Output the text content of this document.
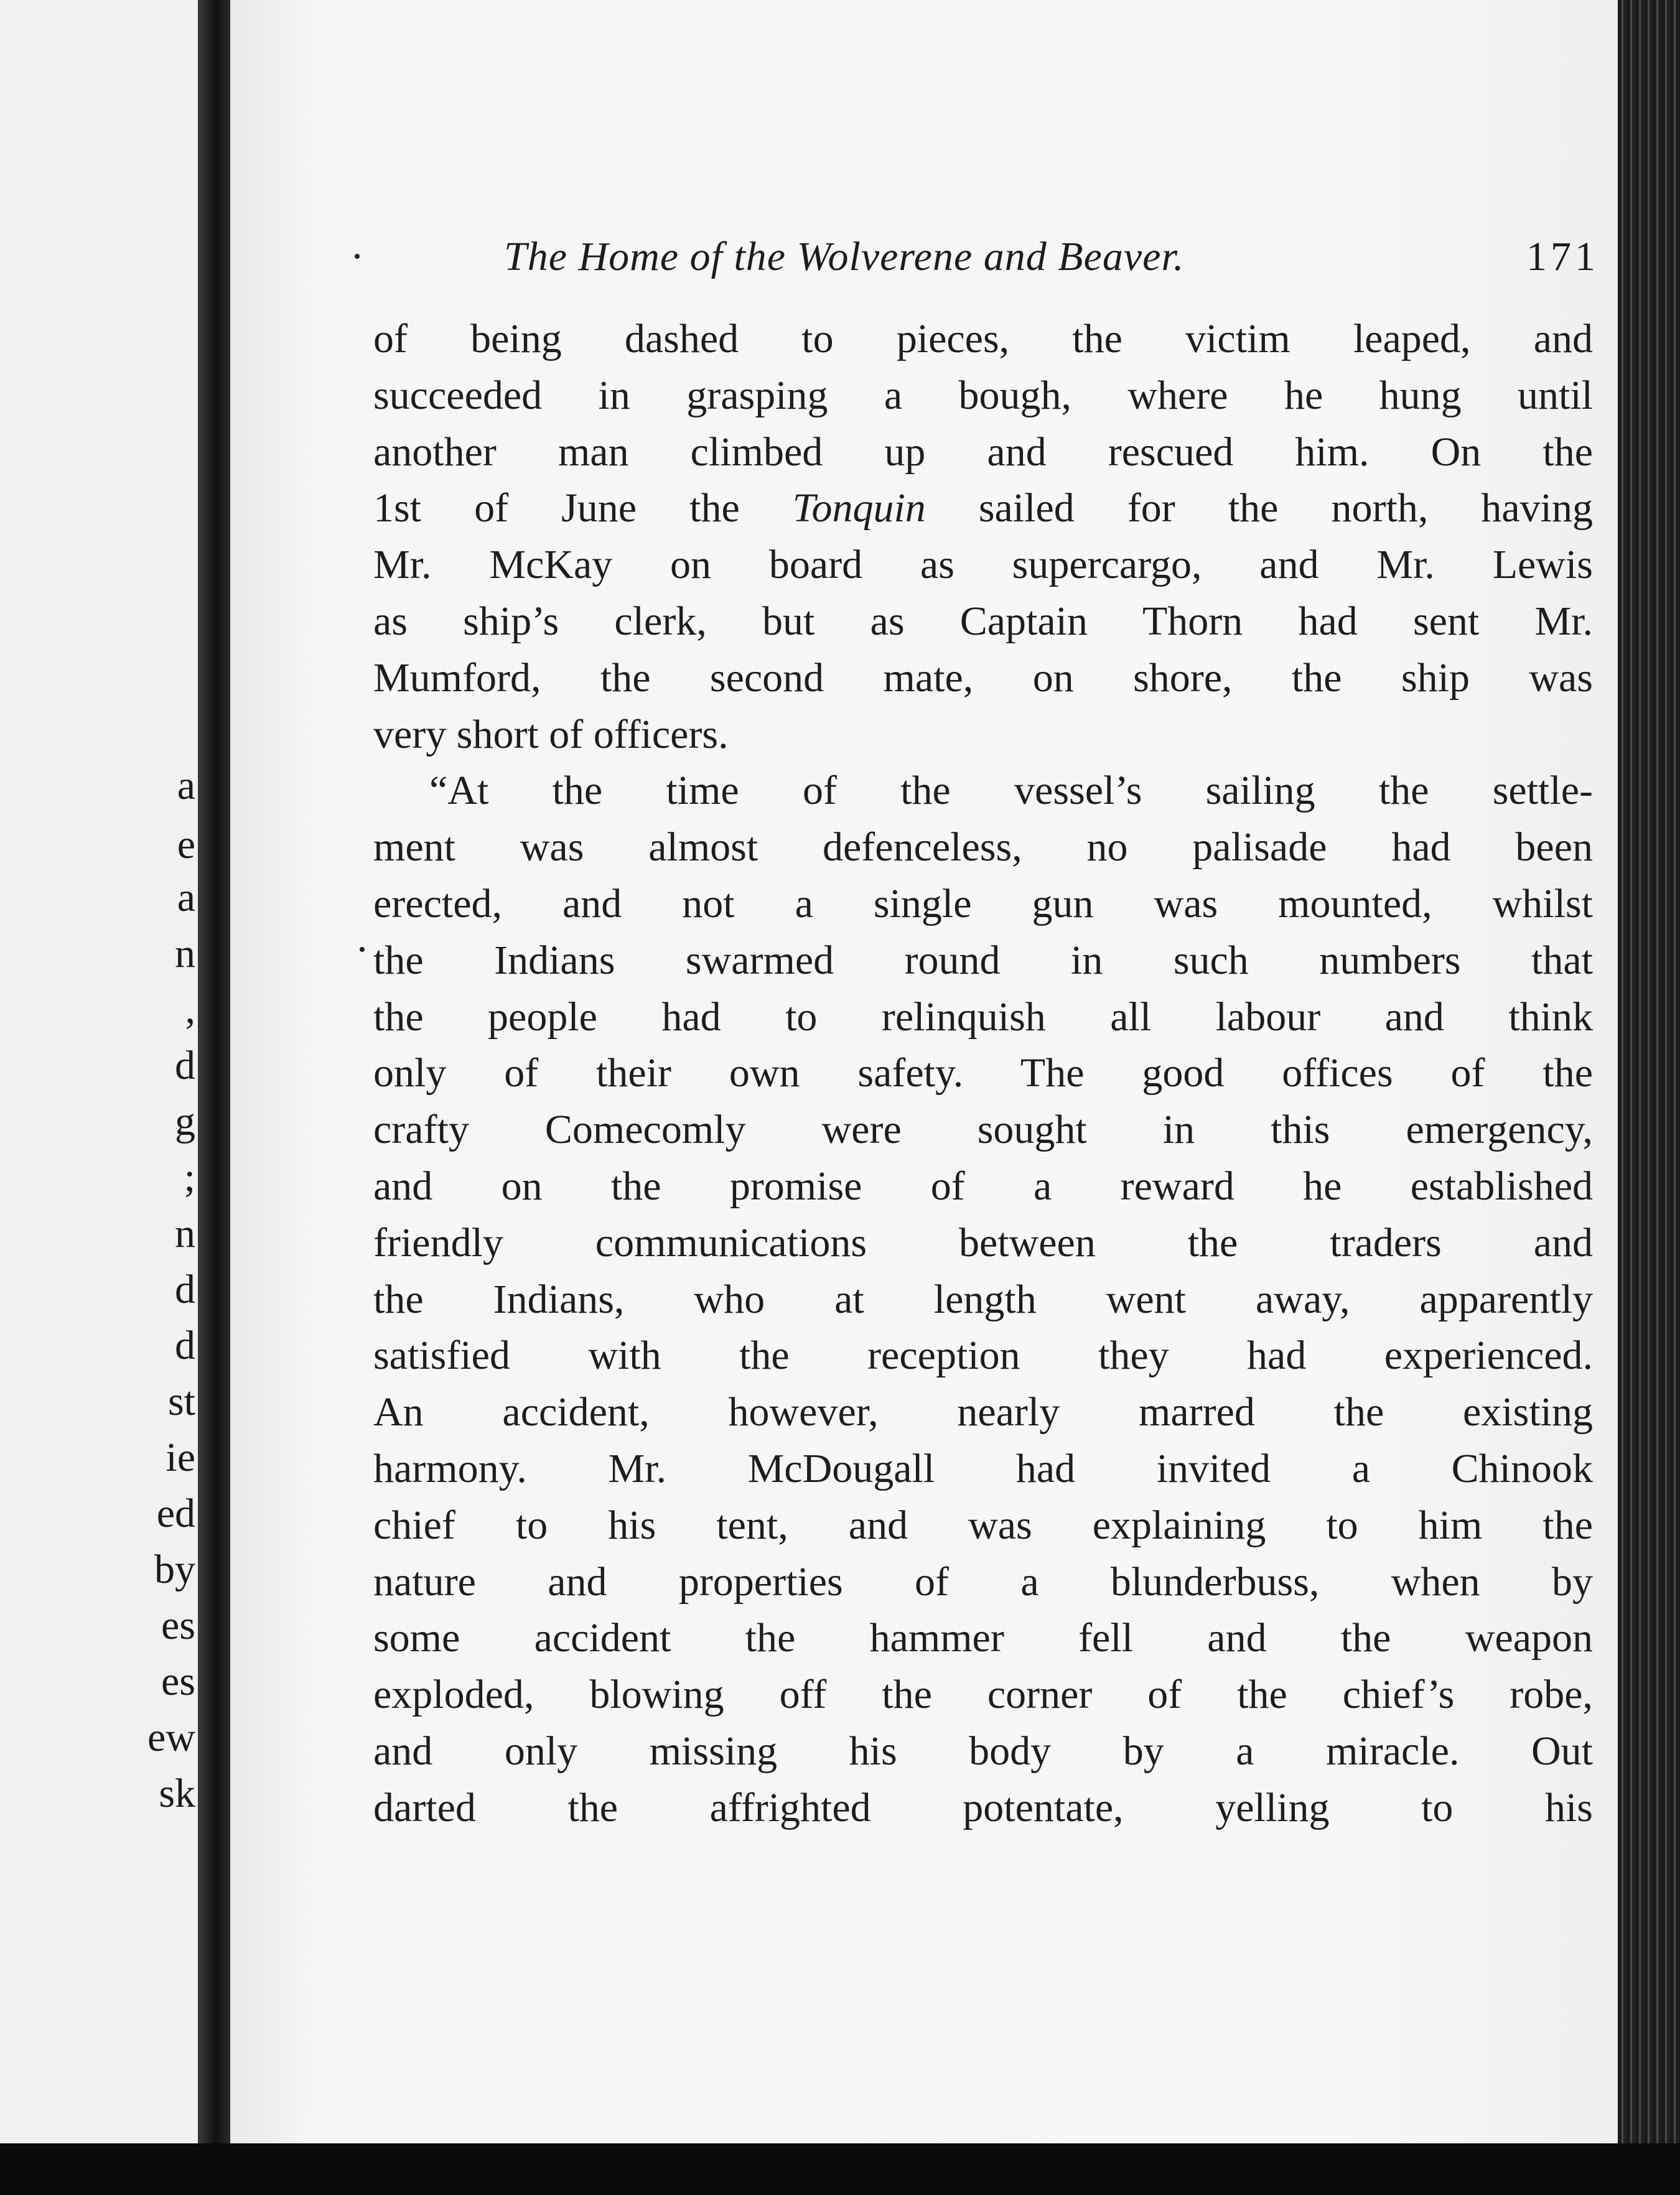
a
e
a
n
,
d
g
;
n
d
d
st
ie
ed
by
es
es
ew
sk
The Home of the Wolverene and Beaver.	171
of being dashed to pieces, the victim leaped, and
succeeded in grasping a bough, where he hung until
another man climbed up and rescued him. On the
1st of June the Tonquin sailed for the north, having
Mr. McKay on board as supercargo, and Mr. Lewis
as ship’s clerk, but as Captain Thorn had sent Mr.
Mumford, the second mate, on shore, the ship was
very short of officers.
“At the time of the vessel’s sailing the settle-
ment was almost defenceless, no palisade had been
erected, and not a single gun was mounted, whilst
the Indians swarmed round in such numbers that
the people had to relinquish all labour and think
only of their own safety. The good offices of the
crafty Comecomly were sought in this emergency,
and on the promise of a reward he established
friendly communications between the traders and
the Indians, who at length went away, apparently
satisfied with the reception they had experienced.
An accident, however, nearly marred the existing
harmony. Mr. McDougall had invited a Chinook
chief to his tent, and was explaining to him the
nature and properties of a blunderbuss, when by
some accident the hammer fell and the weapon
exploded, blowing off the corner of the chief’s robe,
and only missing his body by a miracle. Out
darted the affrighted potentate, yelling to his
